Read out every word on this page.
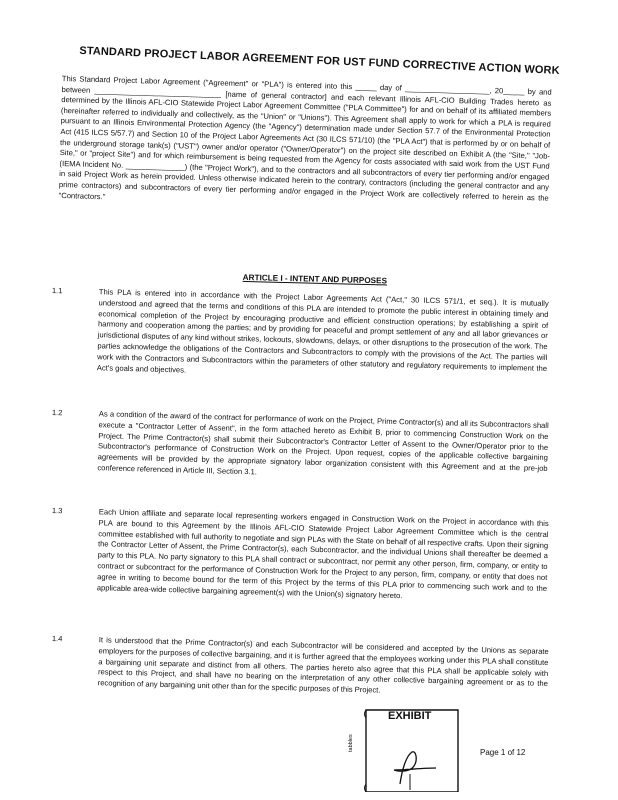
STANDARD PROJECT LABOR AGREEMENT FOR UST FUND CORRECTIVE ACTION WORK
This Standard Project Labor Agreement ("Agreement" or "PLA") is entered into this _____ day of ____________________, 20_____ by and between ______________________________ [name of general contractor] and each relevant Illinois AFL-CIO Building Trades hereto as determined by the Illinois AFL-CIO Statewide Project Labor Agreement Committee ("PLA Committee") for and on behalf of its affiliated members (hereinafter referred to individually and collectively, as the "Union" or "Unions"). This Agreement shall apply to work for which a PLA is required pursuant to an Illinois Environmental Protection Agency (the "Agency") determination made under Section 57.7 of the Environmental Protection Act (415 ILCS 5/57.7) and Section 10 of the Project Labor Agreements Act (30 ILCS 571/10) (the "PLA Act") that is performed by or on behalf of the underground storage tank(s) ("UST") owner and/or operator ("Owner/Operator") on the project site described on Exhibit A (the "Site," "Job-Site," or "project Site") and for which reimbursement is being requested from the Agency for costs associated with said work from the UST Fund (IEMA Incident No. ______________) (the "Project Work"), and to the contractors and all subcontractors of every tier performing and/or engaged in said Project Work as herein provided. Unless otherwise indicated herein to the contrary, contractors (including the general contractor and any prime contractors) and subcontractors of every tier performing and/or engaged in the Project Work are collectively referred to herein as the "Contractors."
ARTICLE I - INTENT AND PURPOSES
1.1	This PLA is entered into in accordance with the Project Labor Agreements Act ("Act," 30 ILCS 571/1, et seq.). It is mutually understood and agreed that the terms and conditions of this PLA are intended to promote the public interest in obtaining timely and economical completion of the Project by encouraging productive and efficient construction operations; by establishing a spirit of harmony and cooperation among the parties; and by providing for peaceful and prompt settlement of any and all labor grievances or jurisdictional disputes of any kind without strikes, lockouts, slowdowns, delays, or other disruptions to the prosecution of the work. The parties acknowledge the obligations of the Contractors and Subcontractors to comply with the provisions of the Act. The parties will work with the Contractors and Subcontractors within the parameters of other statutory and regulatory requirements to implement the Act's goals and objectives.
1.2	As a condition of the award of the contract for performance of work on the Project, Prime Contractor(s) and all its Subcontractors shall execute a "Contractor Letter of Assent", in the form attached hereto as Exhibit B, prior to commencing Construction Work on the Project. The Prime Contractor(s) shall submit their Subcontractor's Contractor Letter of Assent to the Owner/Operator prior to the Subcontractor's performance of Construction Work on the Project. Upon request, copies of the applicable collective bargaining agreements will be provided by the appropriate signatory labor organization consistent with this Agreement and at the pre-job conference referenced in Article III, Section 3.1.
1.3	Each Union affiliate and separate local representing workers engaged in Construction Work on the Project in accordance with this PLA are bound to this Agreement by the Illinois AFL-CIO Statewide Project Labor Agreement Committee which is the central committee established with full authority to negotiate and sign PLAs with the State on behalf of all respective crafts. Upon their signing the Contractor Letter of Assent, the Prime Contractor(s), each Subcontractor, and the individual Unions shall thereafter be deemed a party to this PLA. No party signatory to this PLA shall contract or subcontract, nor permit any other person, firm, company, or entity to contract or subcontract for the performance of Construction Work for the Project to any person, firm, company, or entity that does not agree in writing to become bound for the term of this Project by the terms of this PLA prior to commencing such work and to the applicable area-wide collective bargaining agreement(s) with the Union(s) signatory hereto.
1.4	It is understood that the Prime Contractor(s) and each Subcontractor will be considered and accepted by the Unions as separate employers for the purposes of collective bargaining, and it is further agreed that the employees working under this PLA shall constitute a bargaining unit separate and distinct from all others. The parties hereto also agree that this PLA shall be applicable solely with respect to this Project, and shall have no bearing on the interpretation of any other collective bargaining agreement or as to the recognition of any bargaining unit other than for the specific purposes of this Project.
EXHIBIT
tabbles
Page 1 of 12
